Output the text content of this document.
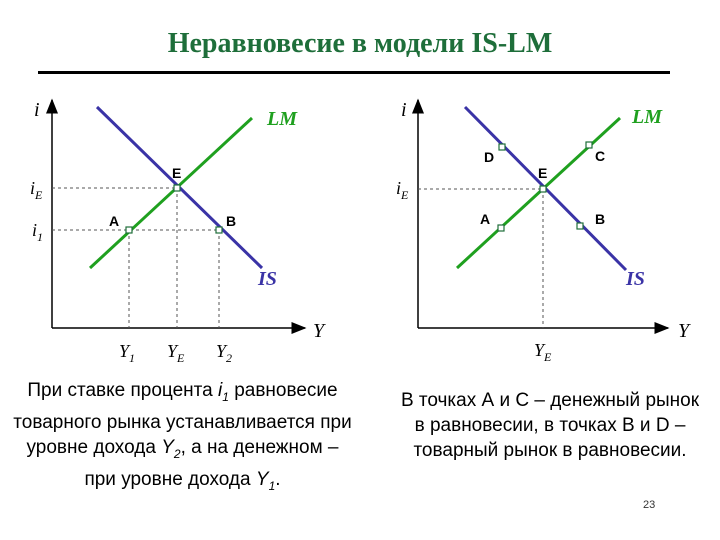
Неравновесие в модели IS-LM
i
Y
LM
IS
E
A	B
$i_E$
$i_1$
$Y_1$ $Y_E$ $Y_2$
i
Y
LM
IS
E
D	C
A	B
$i_E$
$Y_E$
При ставке процента $i_1$ равновесие товарного рынка устанавливается при уровне дохода $Y_2$, а на денежном – при уровне дохода $Y_1$.
В точках А и С – денежный рынок в равновесии, в точках В и D – товарный рынок в равновесии.
23
